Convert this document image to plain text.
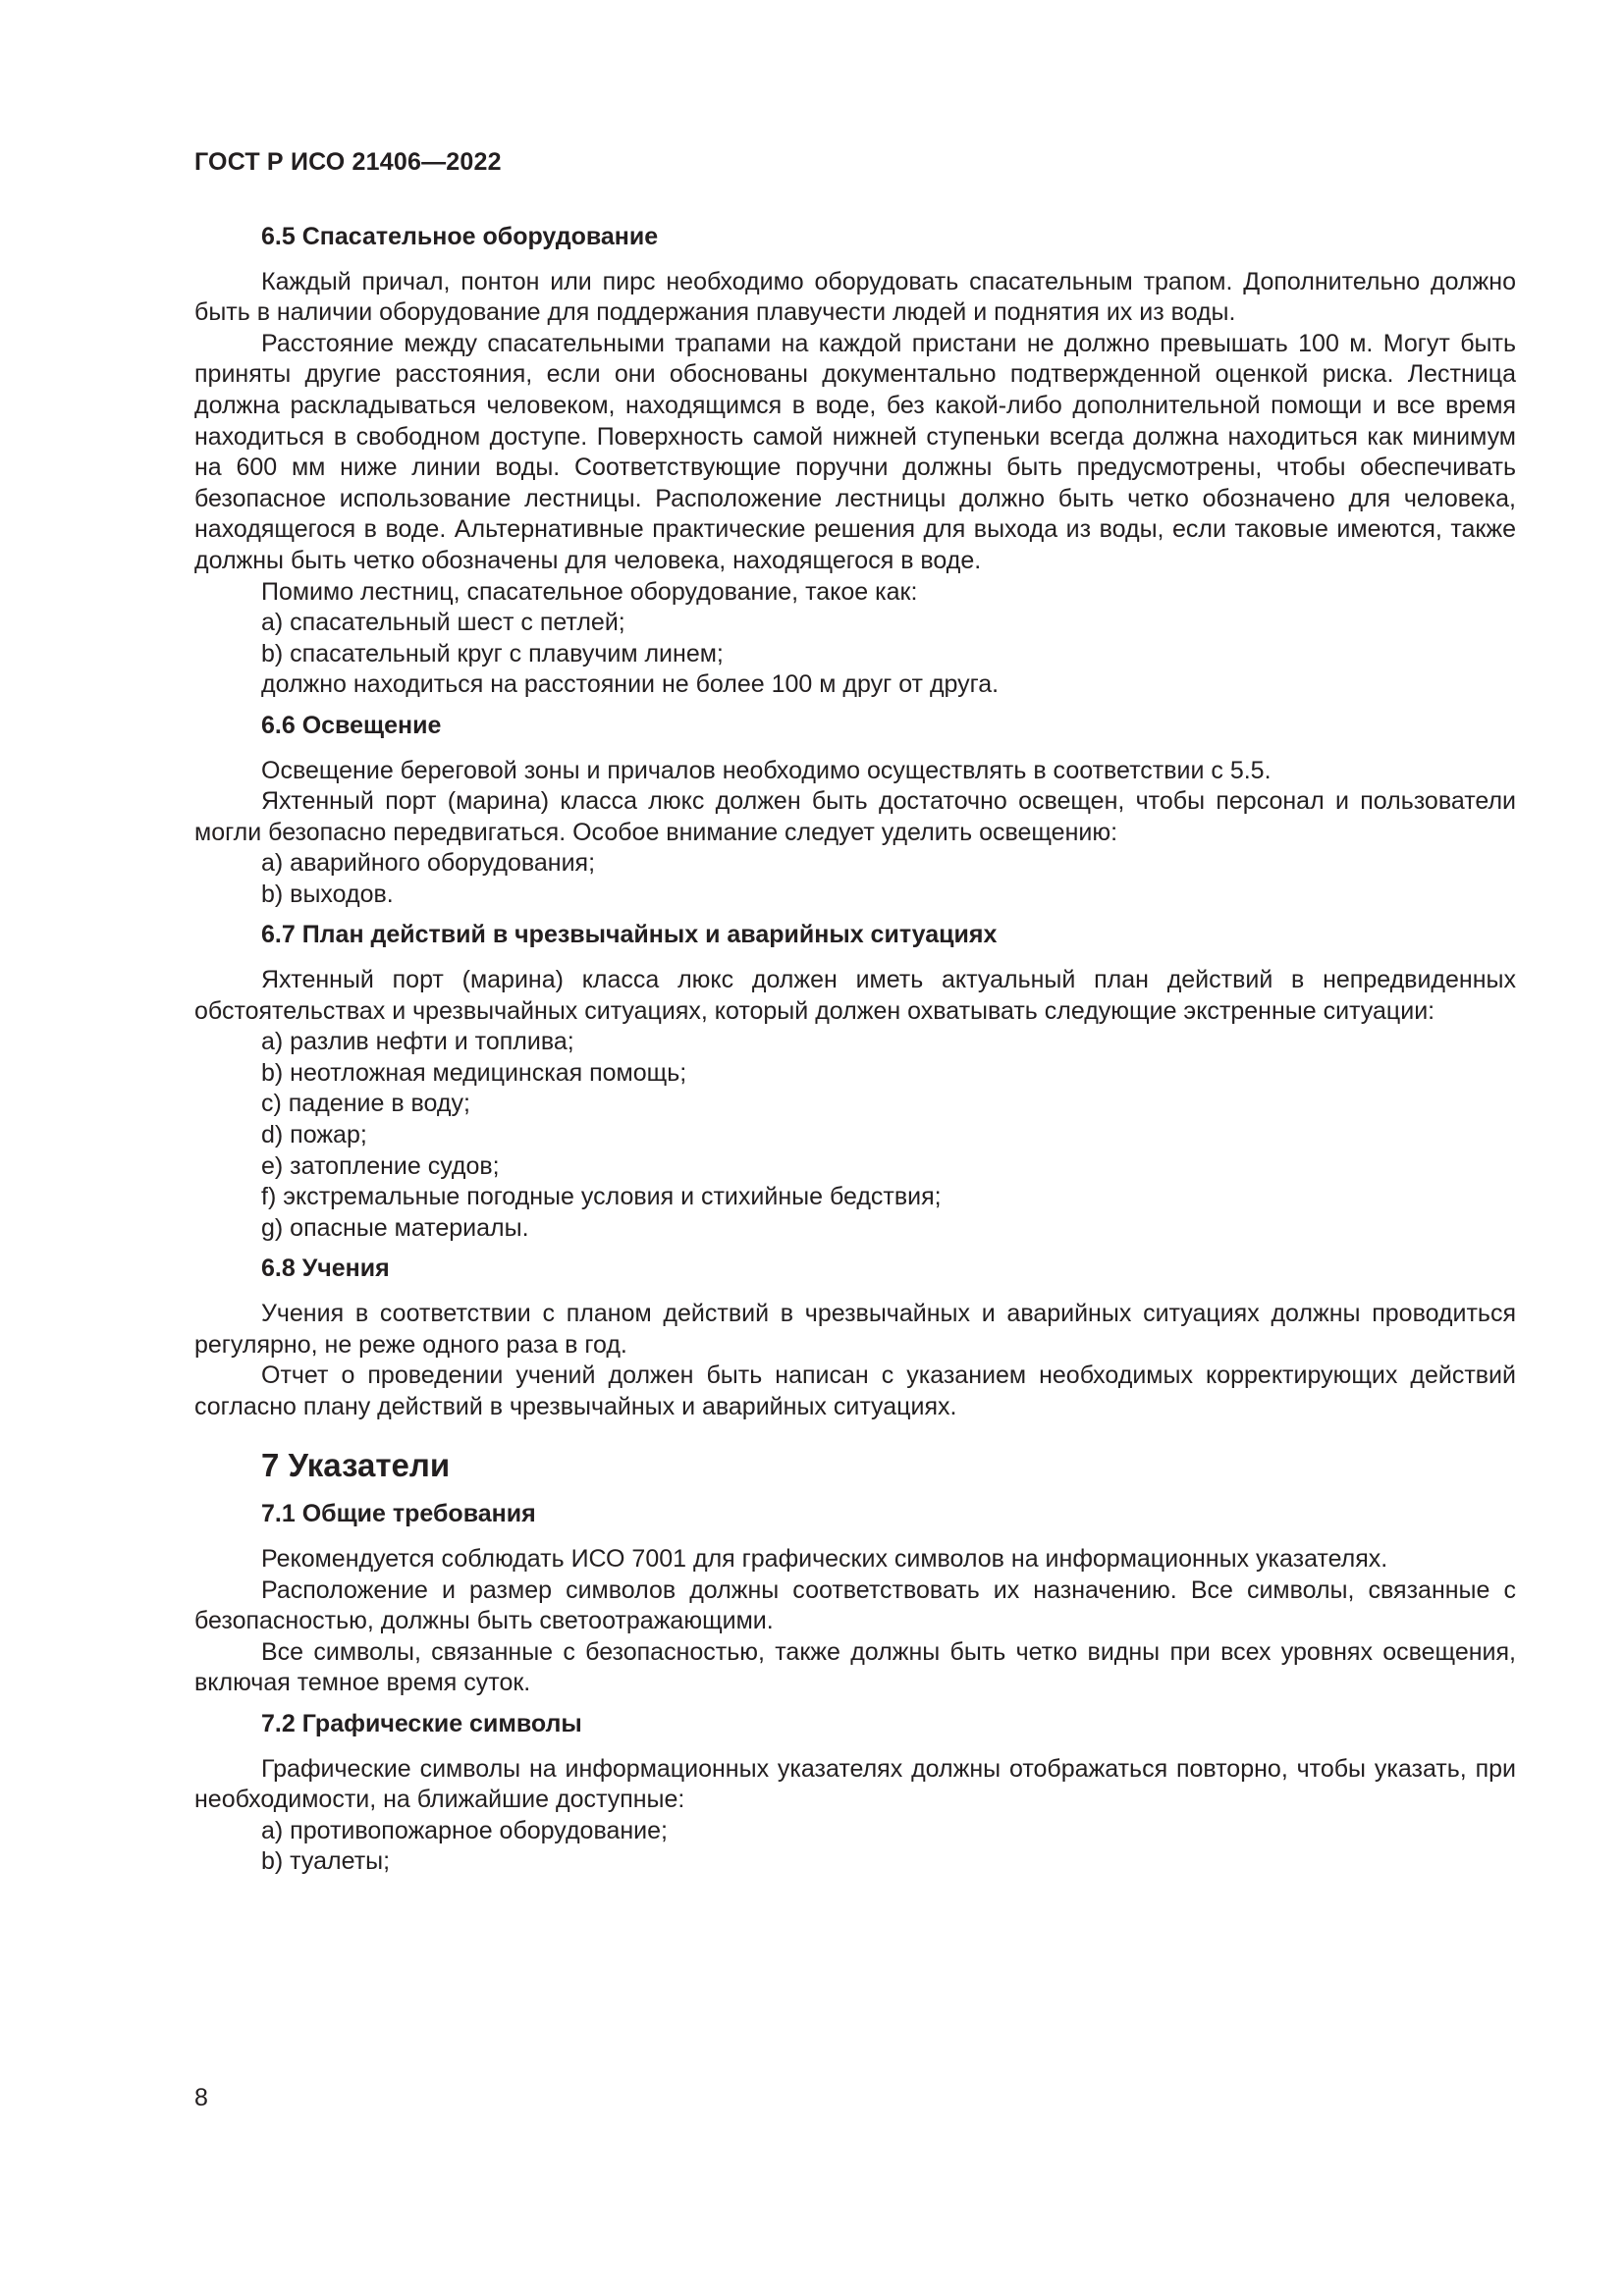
ГОСТ Р ИСО 21406—2022
6.5 Спасательное оборудование

Каждый причал, понтон или пирс необходимо оборудовать спасательным трапом. Дополнительно должно быть в наличии оборудование для поддержания плавучести людей и поднятия их из воды.

Расстояние между спасательными трапами на каждой пристани не должно превышать 100 м. Могут быть приняты другие расстояния, если они обоснованы документально подтвержденной оценкой риска. Лестница должна раскладываться человеком, находящимся в воде, без какой-либо дополнительной помощи и все время находиться в свободном доступе. Поверхность самой нижней ступеньки всегда должна находиться как минимум на 600 мм ниже линии воды. Соответствующие поручни должны быть предусмотрены, чтобы обеспечивать безопасное использование лестницы. Расположение лестницы должно быть четко обозначено для человека, находящегося в воде. Альтернативные практические решения для выхода из воды, если таковые имеются, также должны быть четко обозначены для человека, находящегося в воде.

Помимо лестниц, спасательное оборудование, такое как:

a) спасательный шест с петлей;
b) спасательный круг с плавучим линем;

должно находиться на расстоянии не более 100 м друг от друга.

6.6 Освещение

Освещение береговой зоны и причалов необходимо осуществлять в соответствии с 5.5.

Яхтенный порт (марина) класса люкс должен быть достаточно освещен, чтобы персонал и пользователи могли безопасно передвигаться. Особое внимание следует уделить освещению:

a) аварийного оборудования;
b) выходов.
6.7 План действий в чрезвычайных и аварийных ситуациях

Яхтенный порт (марина) класса люкс должен иметь актуальный план действий в непредвиденных обстоятельствах и чрезвычайных ситуациях, который должен охватывать следующие экстренные ситуации:

a) разлив нефти и топлива;
b) неотложная медицинская помощь;
c) падение в воду;
d) пожар;
e) затопление судов;
f) экстремальные погодные условия и стихийные бедствия;
g) опасные материалы.
6.8 Учения

Учения в соответствии с планом действий в чрезвычайных и аварийных ситуациях должны проводиться регулярно, не реже одного раза в год.

Отчет о проведении учений должен быть написан с указанием необходимых корректирующих действий согласно плану действий в чрезвычайных и аварийных ситуациях.

7 Указатели
7.1 Общие требования

Рекомендуется соблюдать ИСО 7001 для графических символов на информационных указателях.

Расположение и размер символов должны соответствовать их назначению. Все символы, связанные с безопасностью, должны быть светоотражающими.

Все символы, связанные с безопасностью, также должны быть четко видны при всех уровнях освещения, включая темное время суток.

7.2 Графические символы

Графические символы на информационных указателях должны отображаться повторно, чтобы указать, при необходимости, на ближайшие доступные:

a) противопожарное оборудование;
b) туалеты;
8
